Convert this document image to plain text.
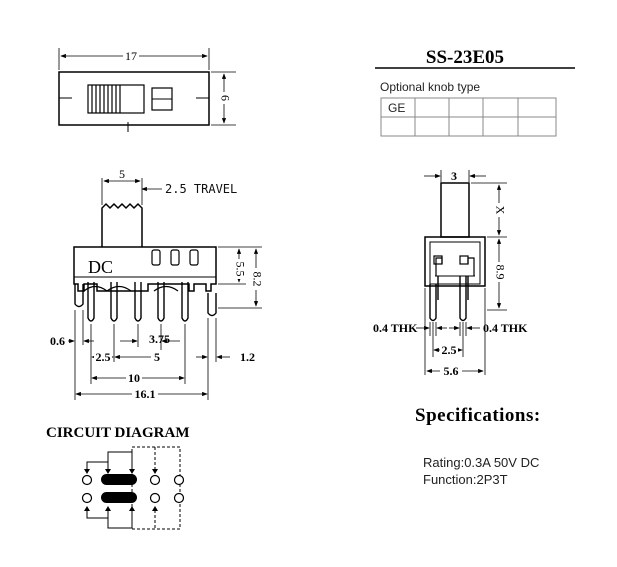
17
6
SS-23E05
Optional knob type
GE
5
2.5 TRAVEL
DC	5.5
8.2
0.6	3.75
2.5	5	1.2
10
16.1
3
X
8.9
0.4 THK	0.4 THK
2.5
5.6
CIRCUIT DIAGRAM
Specifications:
Rating:0.3A 50V DC
Function:2P3T
